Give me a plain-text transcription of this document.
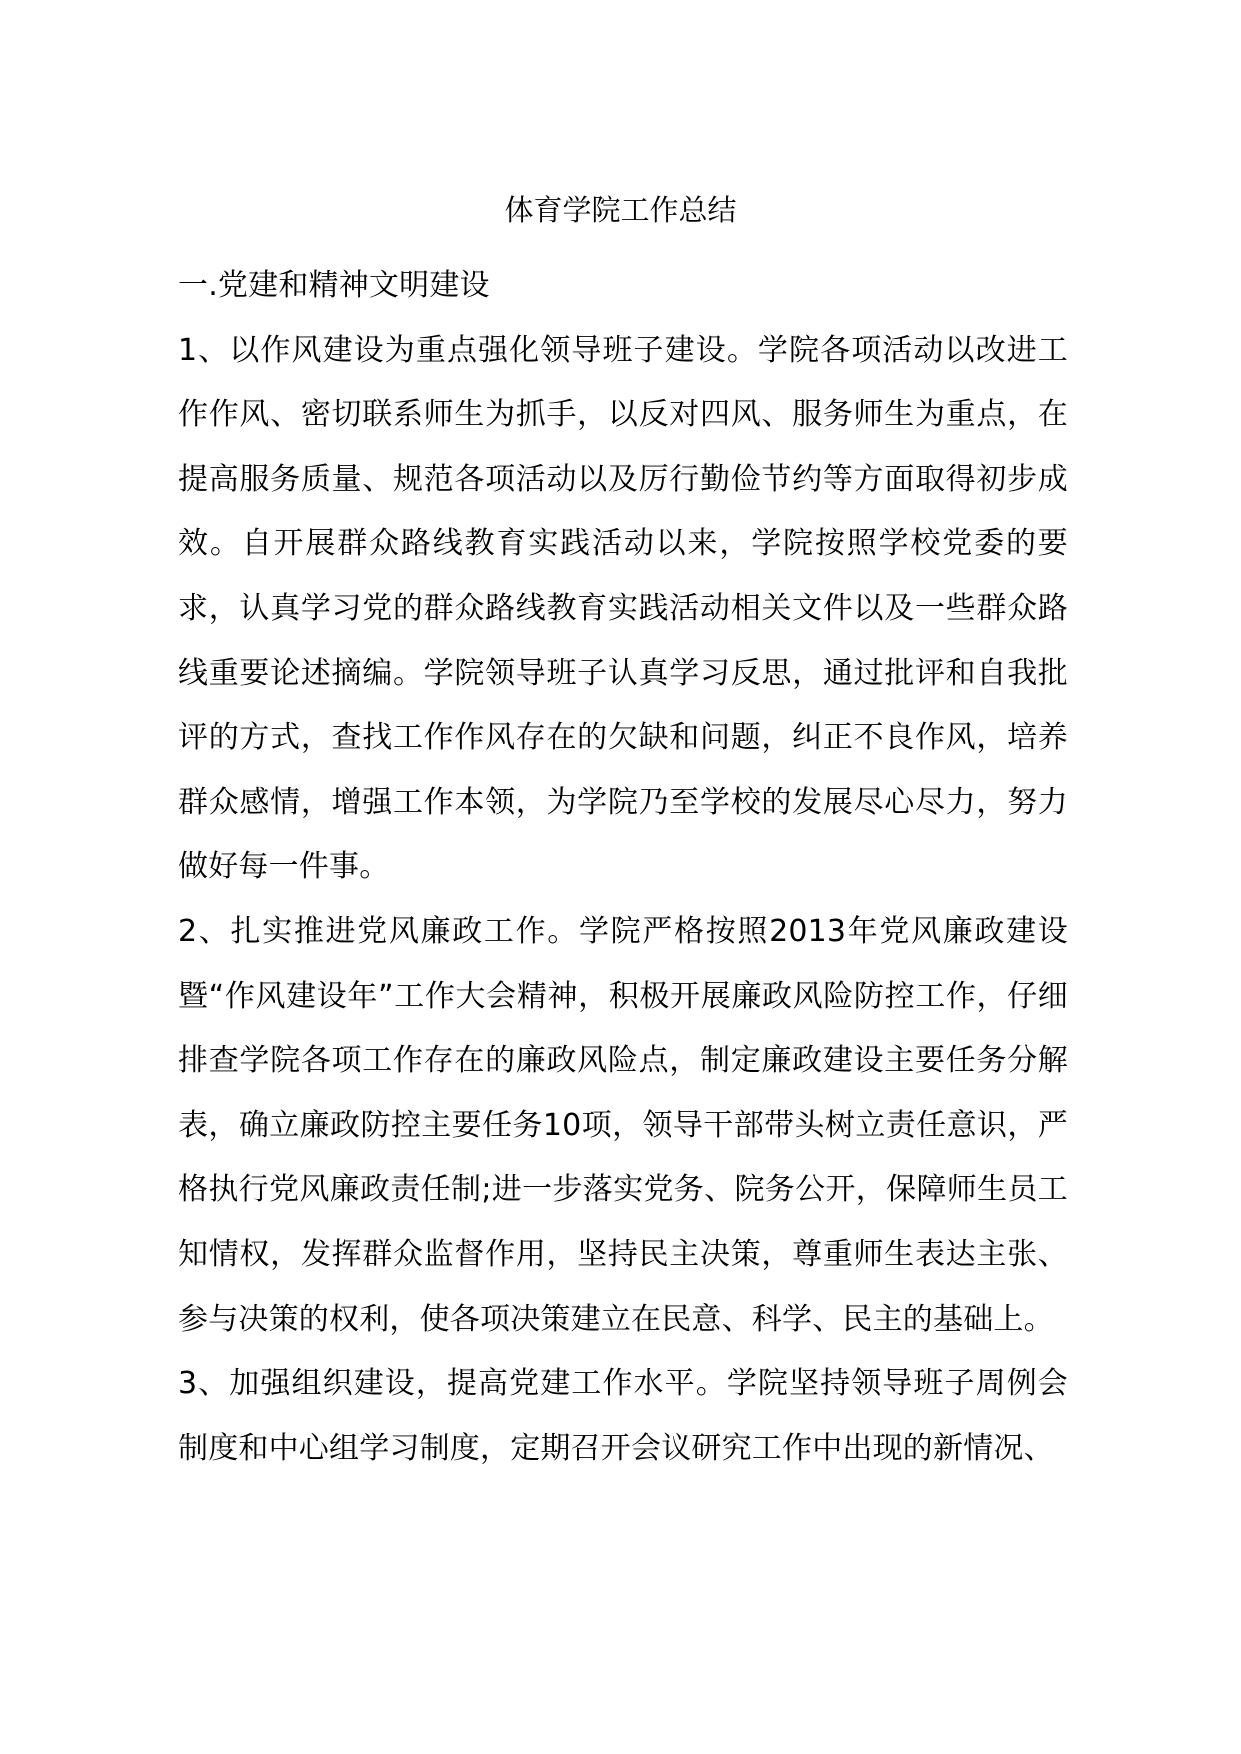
体育学院工作总结

一.党建和精神文明建设

1、以作风建设为重点强化领导班子建设。学院各项活动以改进工作作风、密切联系师生为抓手，以反对四风、服务师生为重点，在提高服务质量、规范各项活动以及厉行勤俭节约等方面取得初步成效。自开展群众路线教育实践活动以来，学院按照学校党委的要求，认真学习党的群众路线教育实践活动相关文件以及一些群众路线重要论述摘编。学院领导班子认真学习反思，通过批评和自我批评的方式，查找工作作风存在的欠缺和问题，纠正不良作风，培养群众感情，增强工作本领，为学院乃至学校的发展尽心尽力，努力做好每一件事。

2、扎实推进党风廉政工作。学院严格按照2013年党风廉政建设暨“作风建设年”工作大会精神，积极开展廉政风险防控工作，仔细排查学院各项工作存在的廉政风险点，制定廉政建设主要任务分解表，确立廉政防控主要任务10项，领导干部带头树立责任意识，严格执行党风廉政责任制;进一步落实党务、院务公开，保障师生员工知情权，发挥群众监督作用，坚持民主决策，尊重师生表达主张、参与决策的权利，使各项决策建立在民意、科学、民主的基础上。

3、加强组织建设，提高党建工作水平。学院坚持领导班子周例会制度和中心组学习制度，定期召开会议研究工作中出现的新情况、
